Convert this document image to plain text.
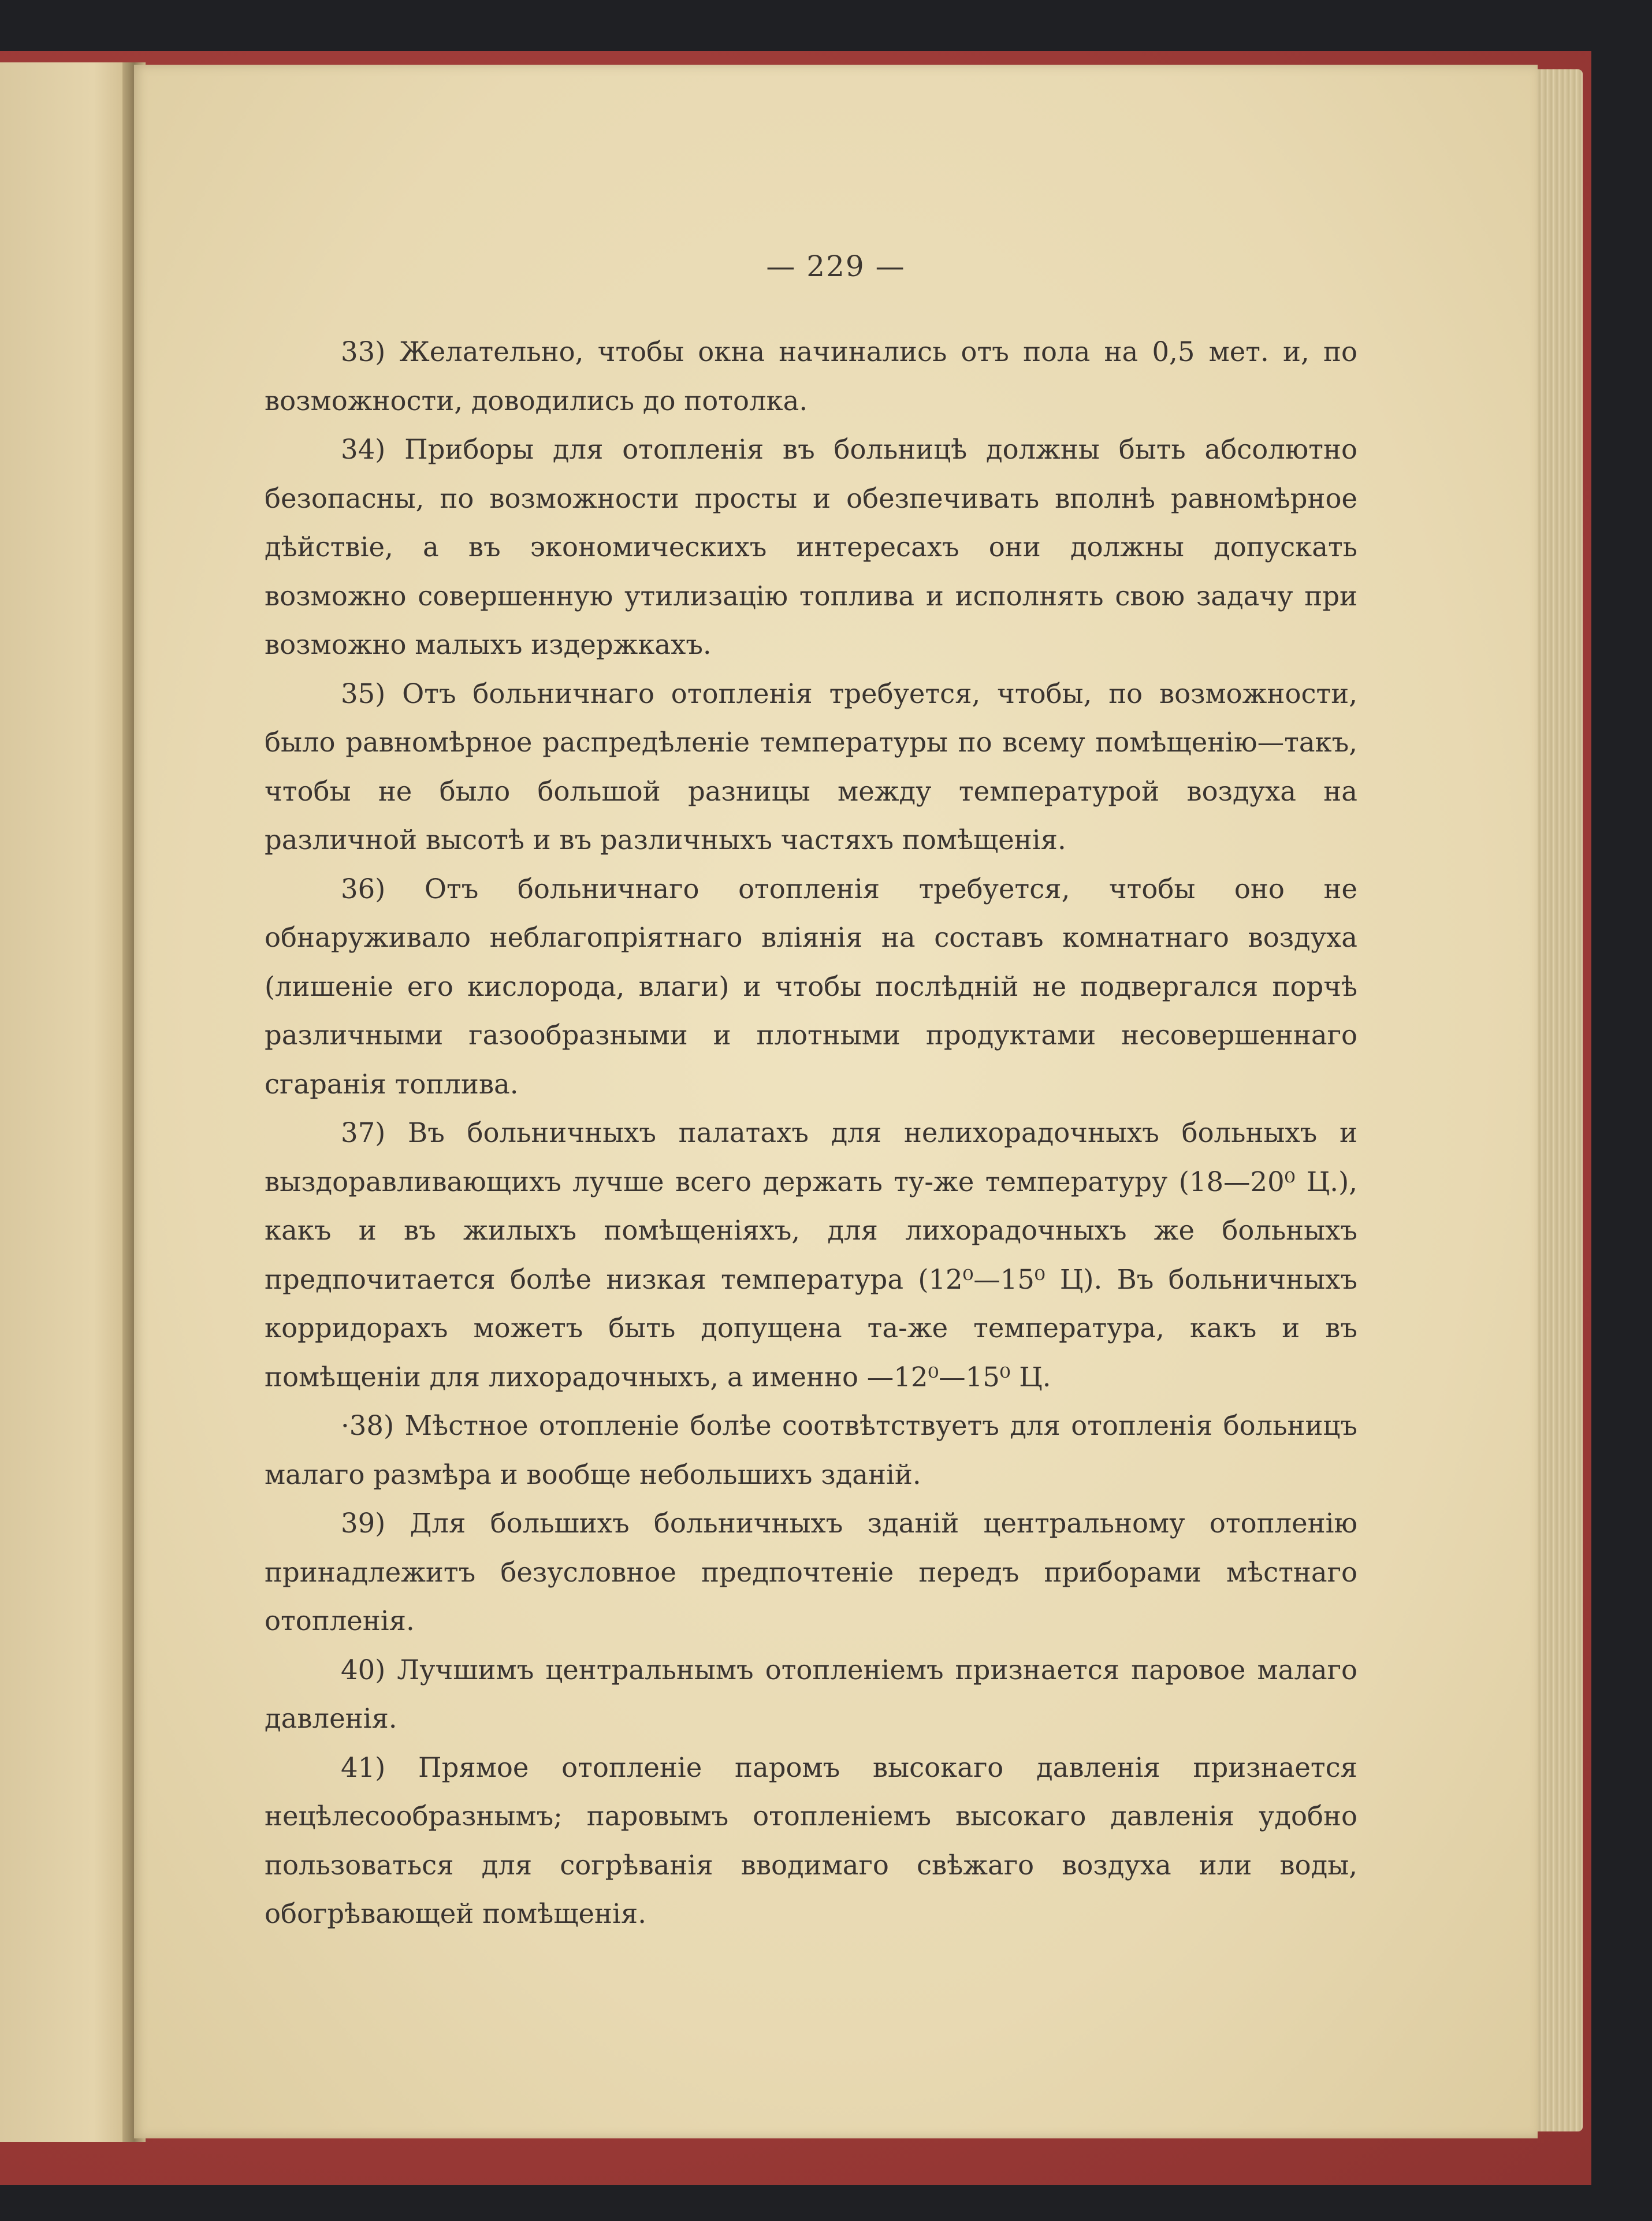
— 229 —

33) Желательно, чтобы окна начинались отъ пола на 0,5 мет. и, по возможности, доводились до потолка.

34) Приборы для отопленія въ больницѣ должны быть абсолютно безопасны, по возможности просты и обезпечивать вполнѣ равномѣрное дѣйствіе, а въ экономическихъ интересахъ они должны допускать возможно совершенную утилизацію топлива и исполнять свою задачу при возможно малыхъ издержкахъ.

35) Отъ больничнаго отопленія требуется, чтобы, по возможности, было равномѣрное распредѣленіе температуры по всему помѣщенію—такъ, чтобы не было большой разницы между температурой воздуха на различной высотѣ и въ различныхъ частяхъ помѣщенія.

36) Отъ больничнаго отопленія требуется, чтобы оно не обнаруживало неблагопріятнаго вліянія на составъ комнатнаго воздуха (лишеніе его кислорода, влаги) и чтобы послѣдній не подвергался порчѣ различными газообразными и плотными продуктами несовершеннаго сгаранія топлива.

37) Въ больничныхъ палатахъ для нелихорадочныхъ больныхъ и выздоравливающихъ лучше всего держать ту-же температуру (18—20⁰ Ц.), какъ и въ жилыхъ помѣщеніяхъ, для лихорадочныхъ же больныхъ предпочитается болѣе низкая температура (12⁰—15⁰ Ц). Въ больничныхъ корридорахъ можетъ быть допущена та-же температура, какъ и въ помѣщеніи для лихорадочныхъ, а именно —12⁰—15⁰ Ц.

·38) Мѣстное отопленіе болѣе соотвѣтствуетъ для отопленія больницъ малаго размѣра и вообще небольшихъ зданій.

39) Для большихъ больничныхъ зданій центральному отопленію принадлежитъ безусловное предпочтеніе передъ приборами мѣстнаго отопленія.

40) Лучшимъ центральнымъ отопленіемъ признается паровое малаго давленія.

41) Прямое отопленіе паромъ высокаго давленія признается нецѣлесообразнымъ; паровымъ отопленіемъ высокаго давленія удобно пользоваться для согрѣванія вводимаго свѣжаго воздуха или воды, обогрѣвающей помѣщенія.
